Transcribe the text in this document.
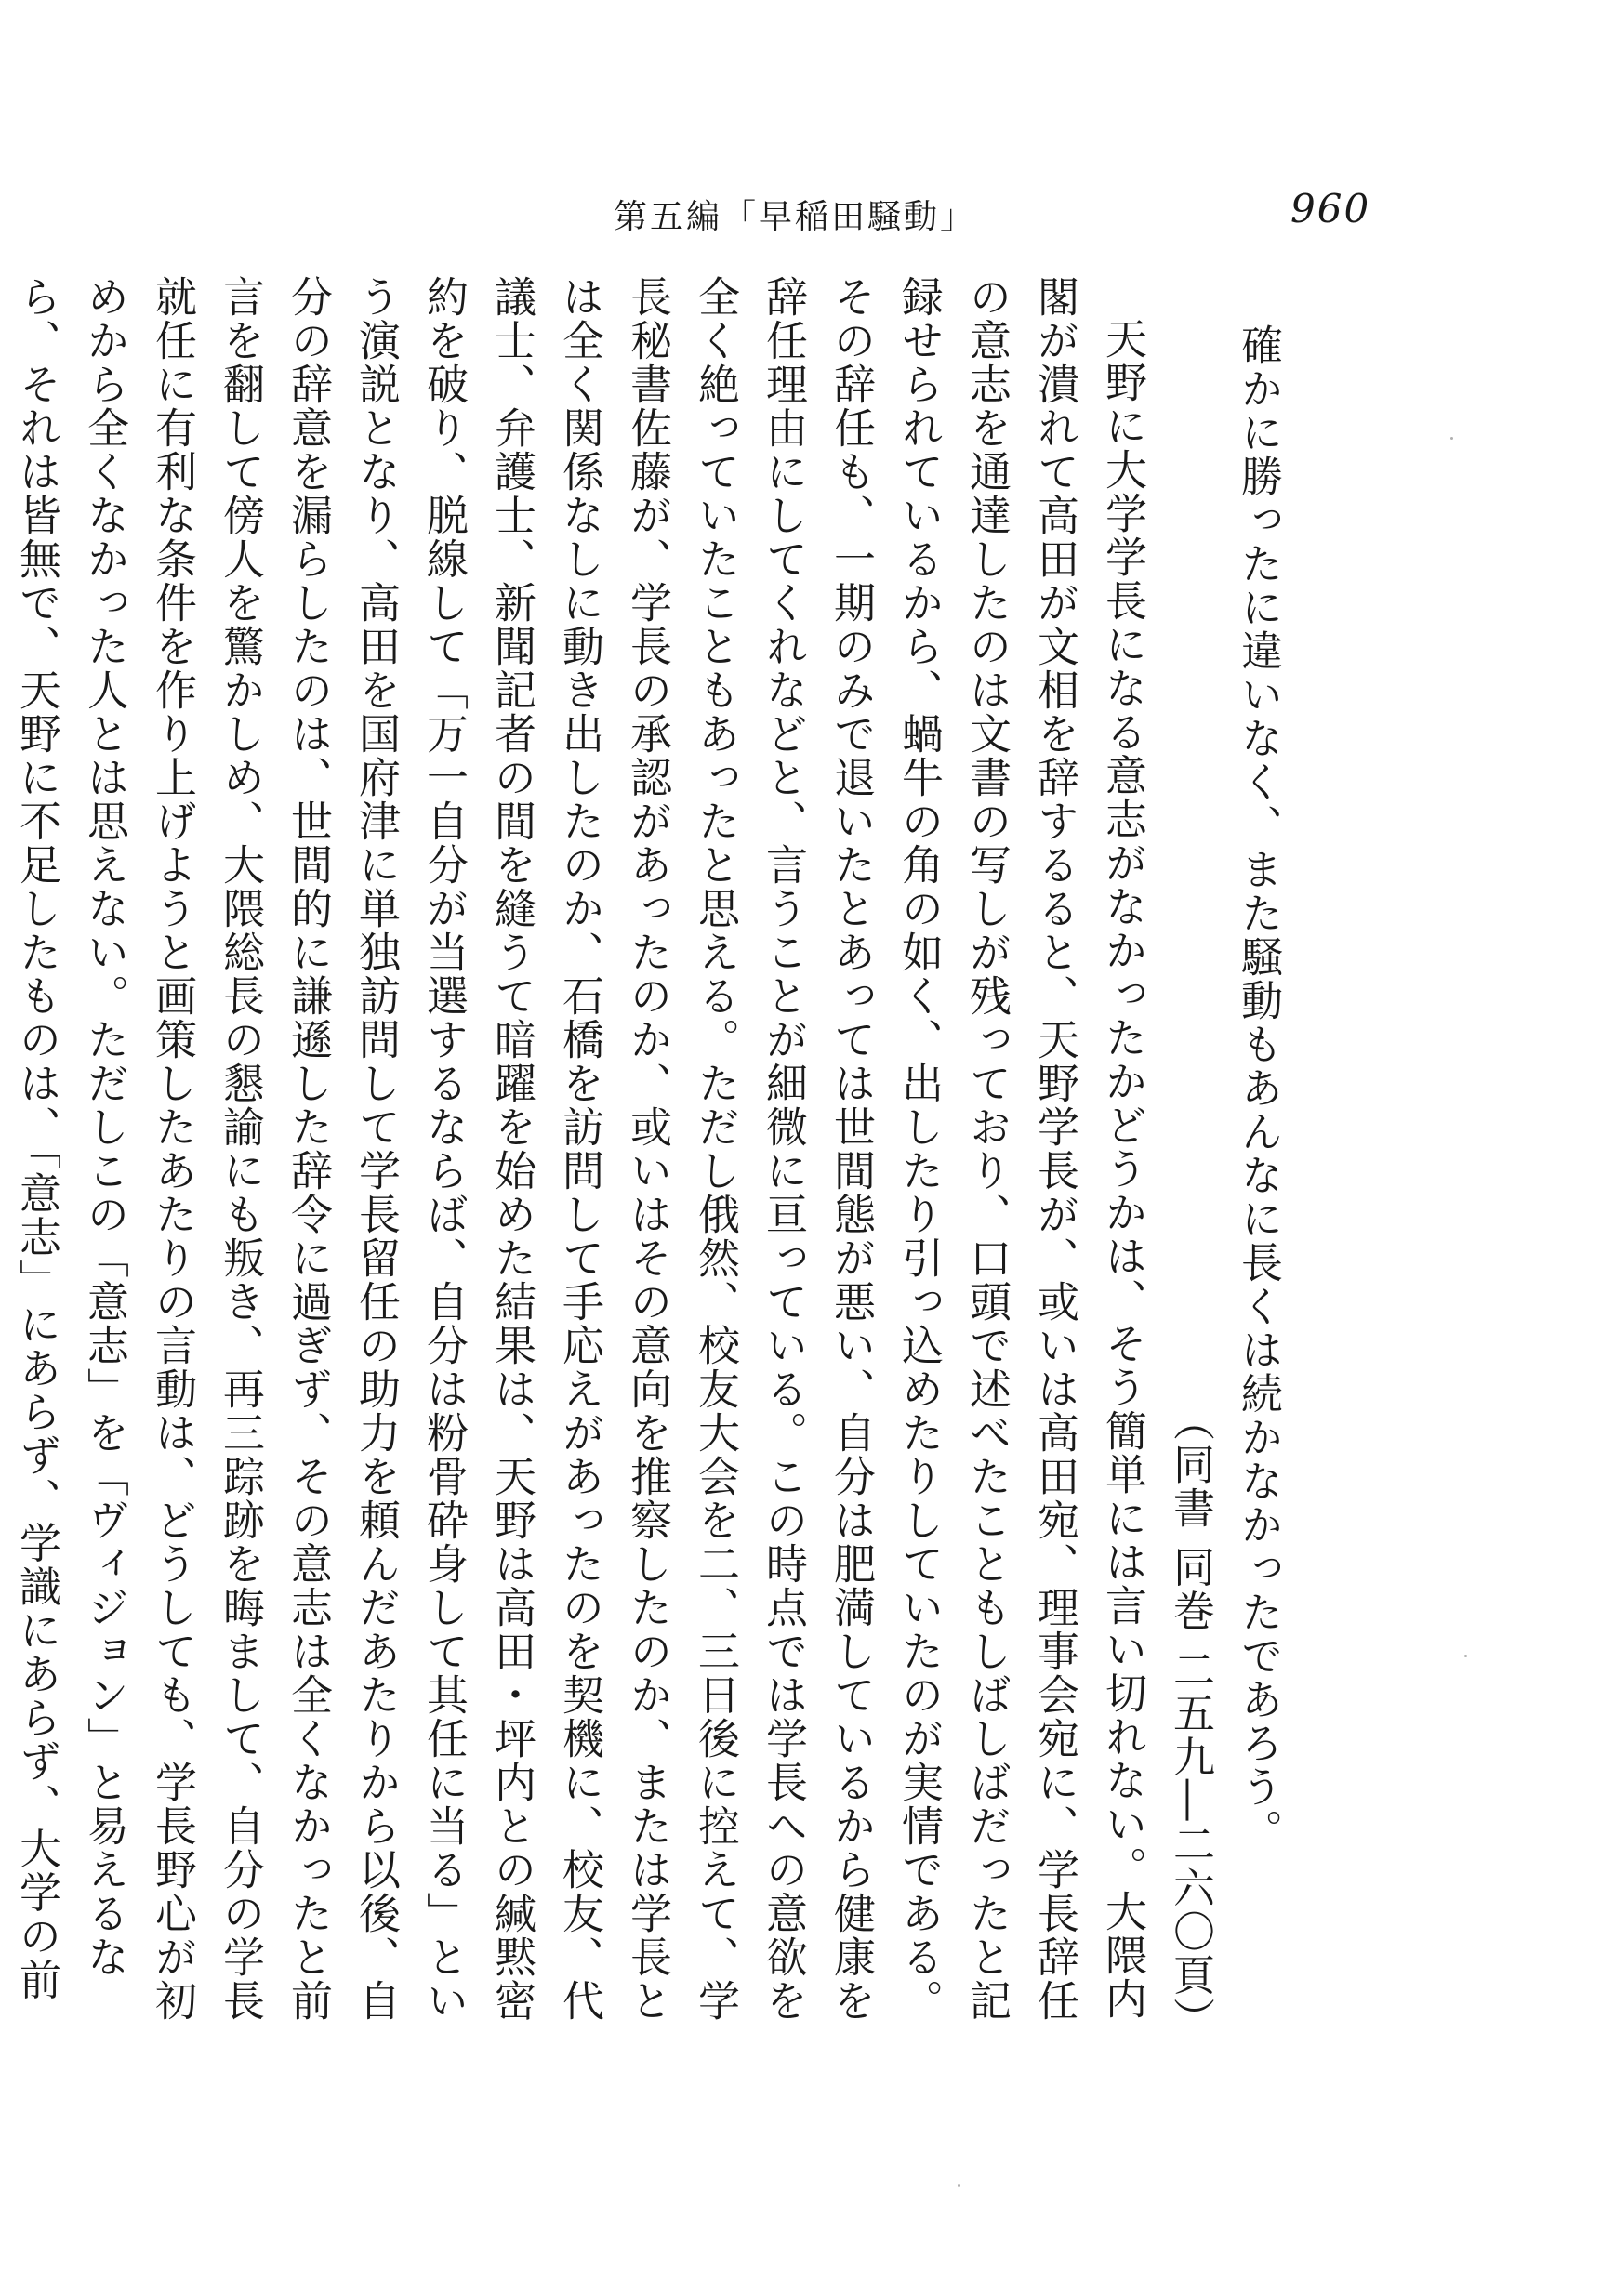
第五編「早稲田騒動」	960

確かに勝ったに違いなく、また騒動もあんなに長くは続かなかったであろう。
（同書 同巻 二五九―二六〇頁）

天野に大学学長になる意志がなかったかどうかは、そう簡単には言い切れない。大隈内閣が潰れて高田が文相を辞するると、天野学長が、或いは高田宛、理事会宛に、学長辞任の意志を通達したのは文書の写しが残っており、口頭で述べたこともしばしばだったと記録せられているから、蝸牛の角の如く、出したり引っ込めたりしていたのが実情である。その辞任も、一期のみで退いたとあっては世間態が悪い、自分は肥満しているから健康を辞任理由にしてくれなどと、言うことが細微に亘っている。この時点では学長への意欲を全く絶っていたこともあったと思える。ただし俄然、校友大会を二、三日後に控えて、学長秘書佐藤が、学長の承認があったのか、或いはその意向を推察したのか、または学長とは全く関係なしに動き出したのか、石橋を訪問して手応えがあったのを契機に、校友、代議士、弁護士、新聞記者の間を縫うて暗躍を始めた結果は、天野は高田・坪内との緘黙密約を破り、脱線して「万一自分が当選するならば、自分は粉骨砕身して其任に当る」という演説となり、高田を国府津に単独訪問して学長留任の助力を頼んだあたりから以後、自分の辞意を漏らしたのは、世間的に謙遜した辞令に過ぎず、その意志は全くなかったと前言を翻して傍人を驚かしめ、大隈総長の懇諭にも叛き、再三踪跡を晦まして、自分の学長就任に有利な条件を作り上げようと画策したあたりの言動は、どうしても、学長野心が初めから全くなかった人とは思えない。ただしこの「意志」を「ヴィジョン」と易えるなら、それは皆無で、天野に不足したものは、「意志」にあらず、学識にあらず、大学の前
